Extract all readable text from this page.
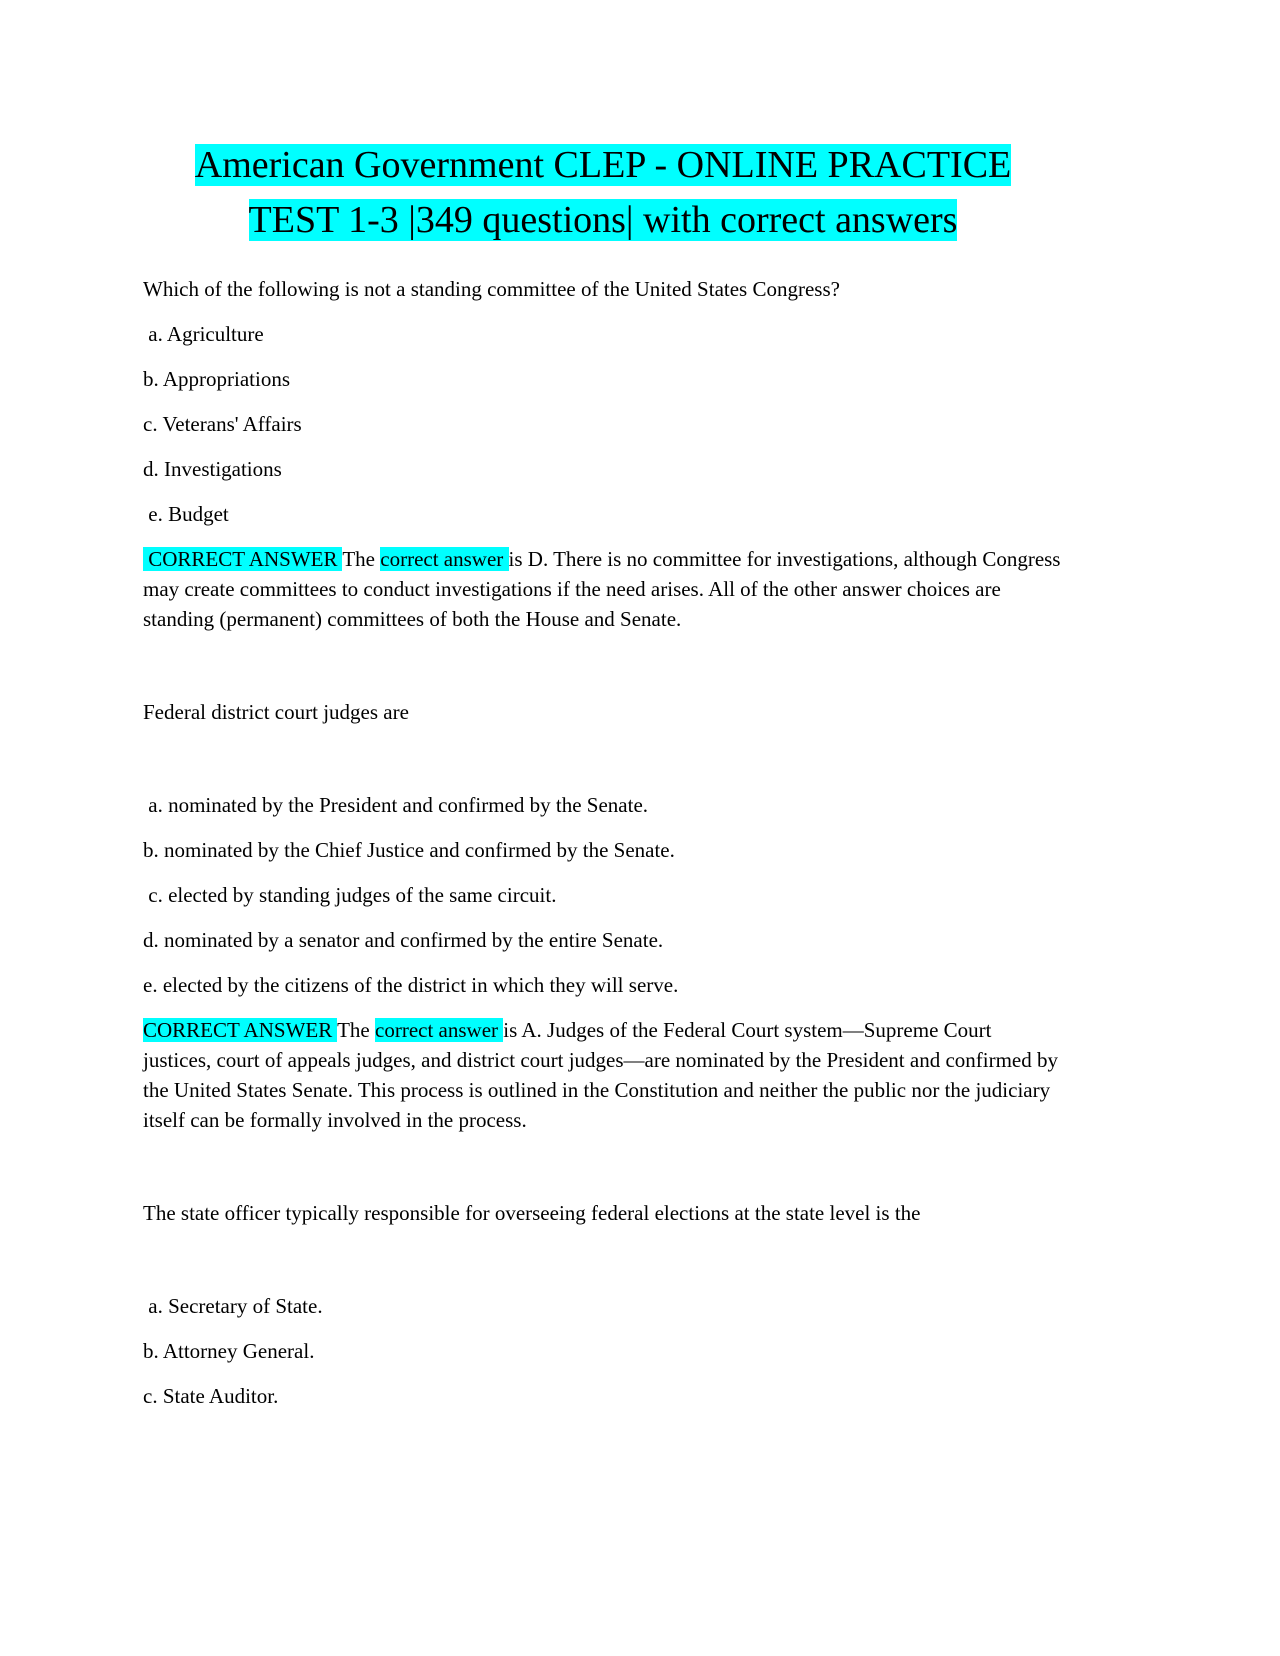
American Government CLEP - ONLINE PRACTICE
TEST 1-3 |349 questions| with correct answers

Which of the following is not a standing committee of the United States Congress?

a. Agriculture

b. Appropriations

c. Veterans' Affairs

d. Investigations

e. Budget

CORRECT ANSWER The correct answer is D. There is no committee for investigations, although Congress may create committees to conduct investigations if the need arises. All of the other answer choices are standing (permanent) committees of both the House and Senate.

Federal district court judges are

a. nominated by the President and confirmed by the Senate.

b. nominated by the Chief Justice and confirmed by the Senate.

c. elected by standing judges of the same circuit.

d. nominated by a senator and confirmed by the entire Senate.

e. elected by the citizens of the district in which they will serve.

CORRECT ANSWER The correct answer is A. Judges of the Federal Court system—Supreme Court justices, court of appeals judges, and district court judges—are nominated by the President and confirmed by the United States Senate. This process is outlined in the Constitution and neither the public nor the judiciary itself can be formally involved in the process.

The state officer typically responsible for overseeing federal elections at the state level is the

a. Secretary of State.

b. Attorney General.

c. State Auditor.
